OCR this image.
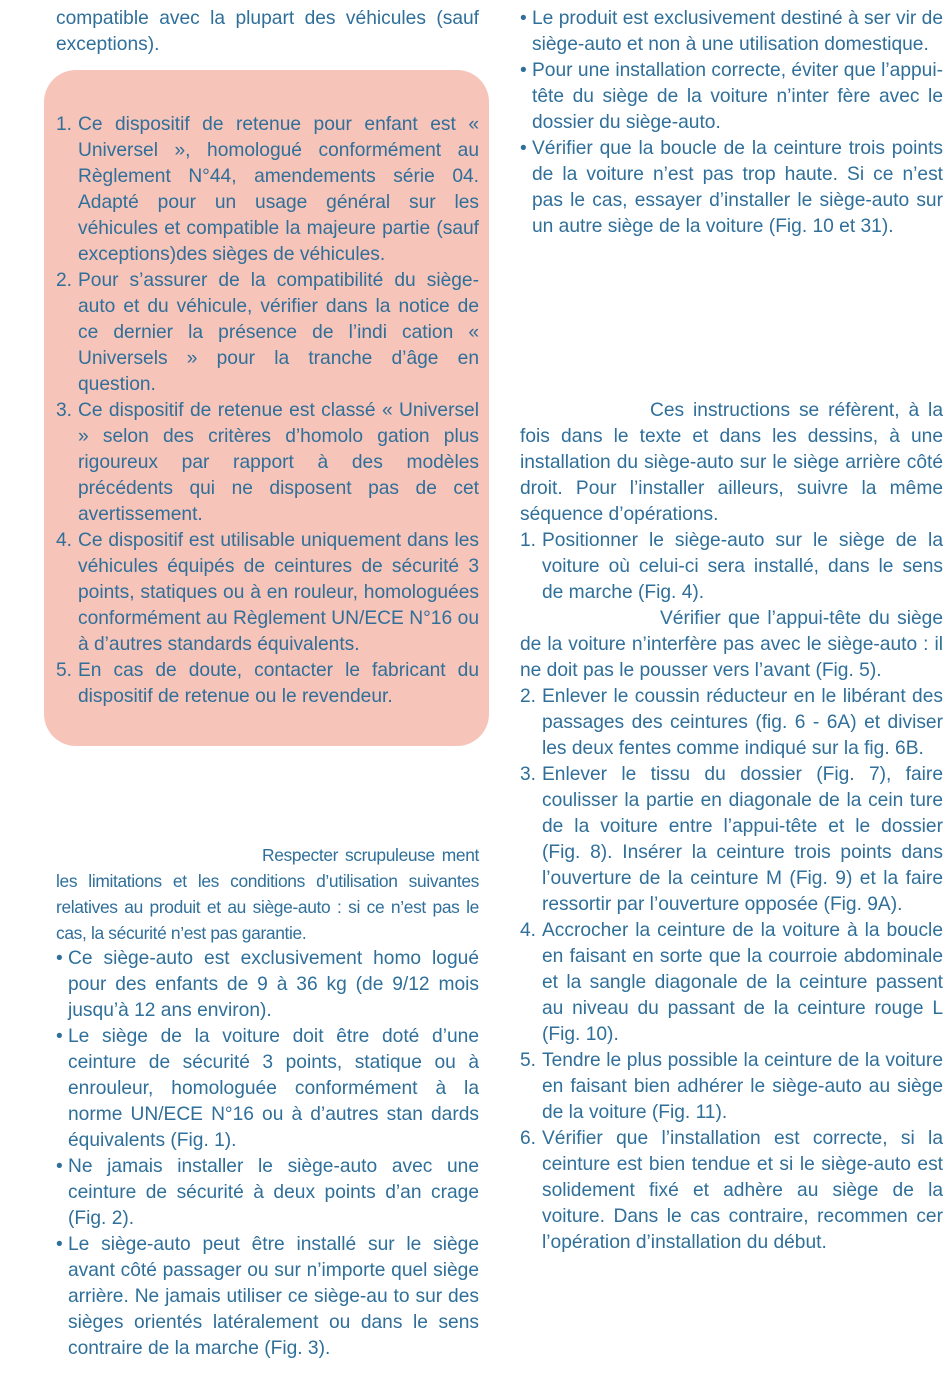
compatible avec la plupart des véhicules (sauf exceptions).

1. Ce dispositif de retenue pour enfant est « Universel », homologué conformément au Règlement N°44, amendements série 04. Adapté pour un usage général sur les véhicules et compatible la majeure partie (sauf exceptions)des sièges de véhicules.
2. Pour s’assurer de la compatibilité du siège-auto et du véhicule, vérifier dans la notice de ce dernier la présence de l’indi cation « Universels » pour la tranche d’âge en question.
3. Ce dispositif de retenue est classé « Universel » selon des critères d’homolo gation plus rigoureux par rapport à des modèles précédents qui ne disposent pas de cet avertissement.
4. Ce dispositif est utilisable uniquement dans les véhicules équipés de ceintures de sécurité 3 points, statiques ou à en rouleur, homologuées conformément au Règlement UN/ECE N°16 ou à d’autres standards équivalents.
5. En cas de doute, contacter le fabricant du dispositif de retenue ou le revendeur.

Respecter scrupuleuse ment les limitations et les conditions d’utilisation suivantes relatives au produit et au siège-auto : si ce n’est pas le cas, la sécurité n’est pas garantie.

• Ce siège-auto est exclusivement homo logué pour des enfants de 9 à 36 kg (de 9/12 mois jusqu’à 12 ans environ).
• Le siège de la voiture doit être doté d’une ceinture de sécurité 3 points, statique ou à enrouleur, homologuée conformément à la norme UN/ECE N°16 ou à d’autres stan dards équivalents (Fig. 1).
• Ne jamais installer le siège-auto avec une ceinture de sécurité à deux points d’an crage (Fig. 2).
• Le siège-auto peut être installé sur le siège avant côté passager ou sur n’importe quel siège arrière. Ne jamais utiliser ce siège-au to sur des sièges orientés latéralement ou dans le sens contraire de la marche (Fig. 3).
• Le produit est exclusivement destiné à ser vir de siège-auto et non à une utilisation domestique.
• Pour une installation correcte, éviter que l’appui-tête du siège de la voiture n’inter fère avec le dossier du siège-auto.
• Vérifier que la boucle de la ceinture trois points de la voiture n’est pas trop haute. Si ce n’est pas le cas, essayer d’installer le siège-auto sur un autre siège de la voiture (Fig. 10 et 31).

Ces instructions se réfèrent, à la fois dans le texte et dans les dessins, à une installation du siège-auto sur le siège arrière côté droit. Pour l’installer ailleurs, suivre la même séquence d’opérations.

1. Positionner le siège-auto sur le siège de la voiture où celui-ci sera installé, dans le sens de marche (Fig. 4).

Vérifier que l’appui-tête du siège de la voiture n’interfère pas avec le siège-auto : il ne doit pas le pousser vers l’avant (Fig. 5).

2. Enlever le coussin réducteur en le libérant des passages des ceintures (fig. 6 - 6A) et diviser les deux fentes comme indiqué sur la fig. 6B.
3. Enlever le tissu du dossier (Fig. 7), faire coulisser la partie en diagonale de la cein ture de la voiture entre l’appui-tête et le dossier (Fig. 8). Insérer la ceinture trois points dans l’ouverture de la ceinture M (Fig. 9) et la faire ressortir par l’ouverture opposée (Fig. 9A).
4. Accrocher la ceinture de la voiture à la boucle en faisant en sorte que la courroie abdominale et la sangle diagonale de la ceinture passent au niveau du passant de la ceinture rouge L (Fig. 10).
5. Tendre le plus possible la ceinture de la voiture en faisant bien adhérer le siège-auto au siège de la voiture (Fig. 11).
6. Vérifier que l’installation est correcte, si la ceinture est bien tendue et si le siège-auto est solidement fixé et adhère au siège de la voiture. Dans le cas contraire, recommen cer l’opération d’installation du début.
